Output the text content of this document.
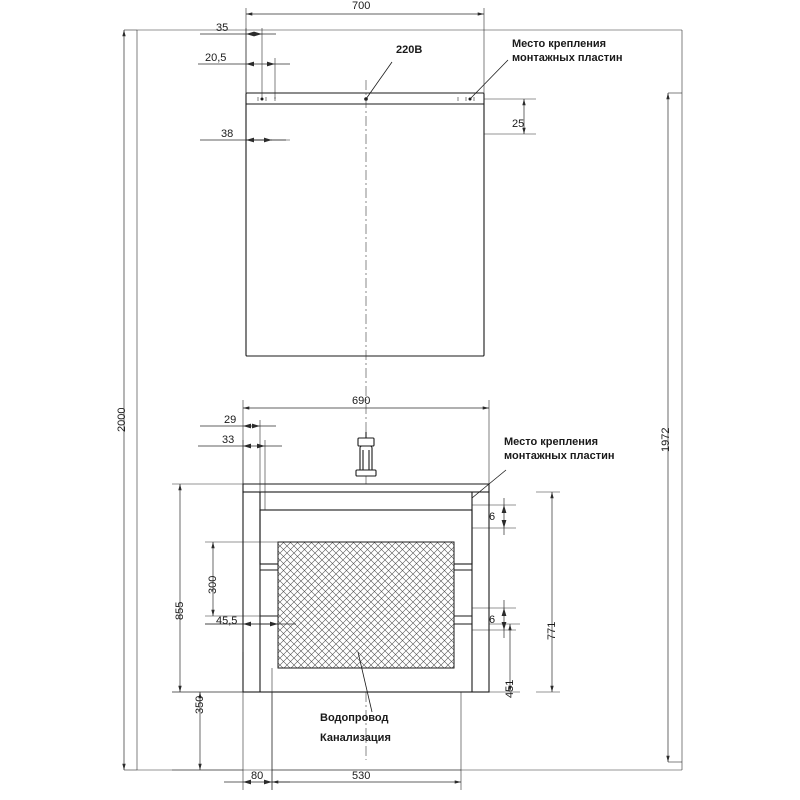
700
35
20,5
38
25
220В	Место крепления
монтажных пластин
2000
1972
690
29
33	Место крепления
монтажных пластин
6
6
300
855
45,5
771
451
350
Водопровод
Канализация
80	530
